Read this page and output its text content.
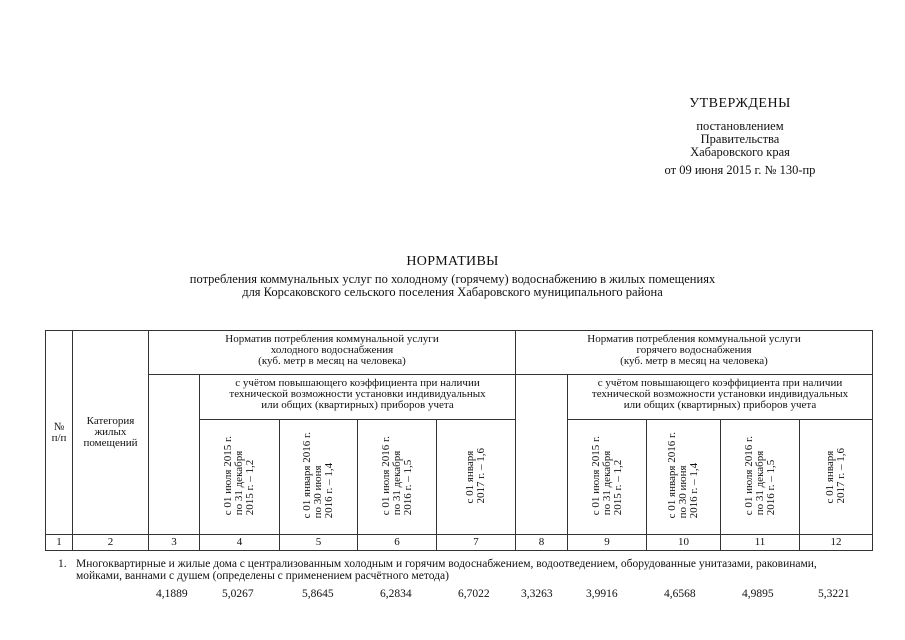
УТВЕРЖДЕНЫ
постановлением
Правительства
Хабаровского края
от 09 июня 2015 г. № 130-пр
НОРМАТИВЫ
потребления коммунальных услуг по холодному (горячему) водоснабжению в жилых помещениях
для Корсаковского сельского поселения Хабаровского муниципального района
№
п/п	Категория
жилых
помещений	Норматив потребления коммунальной услуги
холодного водоснабжения
(куб. метр в месяц на человека)					Норматив потребления коммунальной услуги
горячего водоснабжения
(куб. метр в месяц на человека)				
			с учётом повышающего коэффициента при наличии
технической возможности установки индивидуальных
или общих (квартирных) приборов учета					с учётом повышающего коэффициента при наличии
технической возможности установки индивидуальных
или общих (квартирных) приборов учета			
			с 01 июля 2015 г.
по 31 декабря
2015 г. – 1,2	с 01 января 2016 г.
по 30 июня
2016 г. – 1,4	с 01 июля 2016 г.
по 31 декабря
2016 г. – 1,5	с 01 января
2017 г. – 1,6		с 01 июля 2015 г.
по 31 декабря
2015 г. – 1,2	с 01 января 2016 г.
по 30 июня
2016 г. – 1,4	с 01 июля 2016 г.
по 31 декабря
2016 г. – 1,5	с 01 января
2017 г. – 1,6
1	2	3	4	5	6	7	8	9	10	11	12
1. Многоквартирные и жилые дома с централизованным холодным и горячим водоснабжением, водоотведением, оборудованные унитазами, раковинами, мойками, ваннами с душем (определены с применением расчётного метода)
4,1889	5,0267	5,8645	6,2834	6,7022	3,3263	3,9916	4,6568	4,9895	5,3221
